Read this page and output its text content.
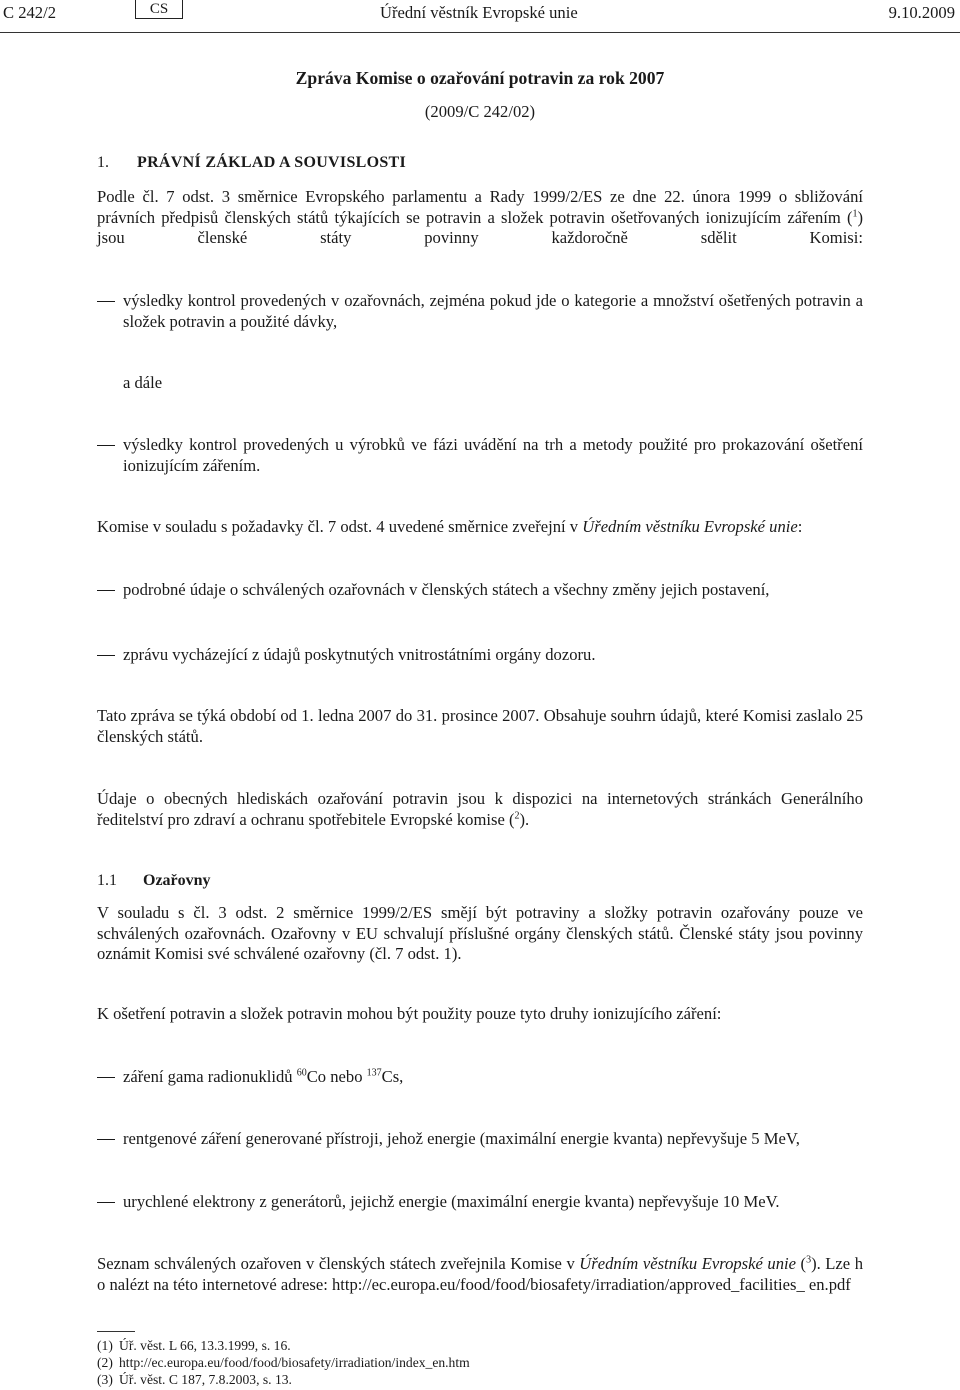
C 242/2	CS	Úřední věstník Evropské unie	9.10.2009
Zpráva Komise o ozařování potravin za rok 2007
(2009/C 242/02)
1. PRÁVNÍ ZÁKLAD A SOUVISLOSTI
Podle čl. 7 odst. 3 směrnice Evropského parlamentu a Rady 1999/2/ES ze dne 22. února 1999 o sbližování právních předpisů členských států týkajících se potravin a složek potravin ošetřovaných ionizujícím zářením ($^1$) jsou členské státy povinny každoročně sdělit Komisi:
výsledky kontrol provedených v ozařovnách, zejména pokud jde o kategorie a množství ošetřených potravin a složek potravin a použité dávky,
a dále
výsledky kontrol provedených u výrobků ve fázi uvádění na trh a metody použité pro prokazování ošetření ionizujícím zářením.
Komise v souladu s požadavky čl. 7 odst. 4 uvedené směrnice zveřejní v Úředním věstníku Evropské unie:
podrobné údaje o schválených ozařovnách v členských státech a všechny změny jejich postavení,
zprávu vycházející z údajů poskytnutých vnitrostátními orgány dozoru.
Tato zpráva se týká období od 1. ledna 2007 do 31. prosince 2007. Obsahuje souhrn údajů, které Komisi zaslalo 25 členských států.
Údaje o obecných hlediskách ozařování potravin jsou k dispozici na internetových stránkách Generálního ředitelství pro zdraví a ochranu spotřebitele Evropské komise ($^2$).
1.1 Ozařovny
V souladu s čl. 3 odst. 2 směrnice 1999/2/ES smějí být potraviny a složky potravin ozařovány pouze ve schválených ozařovnách. Ozařovny v EU schvalují příslušné orgány členských států. Členské státy jsou povinny oznámit Komisi své schválené ozařovny (čl. 7 odst. 1).
K ošetření potravin a složek potravin mohou být použity pouze tyto druhy ionizujícího záření:
záření gama radionuklidů $^{60}$Co nebo $^{137}$Cs,
rentgenové záření generované přístroji, jehož energie (maximální energie kvanta) nepřevyšuje 5 MeV,
urychlené elektrony z generátorů, jejichž energie (maximální energie kvanta) nepřevyšuje 10 MeV.
Seznam schválených ozařoven v členských státech zveřejnila Komise v Úředním věstníku Evropské unie ($^3$). Lze ho nalézt na této internetové adrese: http://ec.europa.eu/food/food/biosafety/irradiation/approved_facilities_ en.pdf
(1) Úř. věst. L 66, 13.3.1999, s. 16.
(2) http://ec.europa.eu/food/food/biosafety/irradiation/index_en.htm
(3) Úř. věst. C 187, 7.8.2003, s. 13.
